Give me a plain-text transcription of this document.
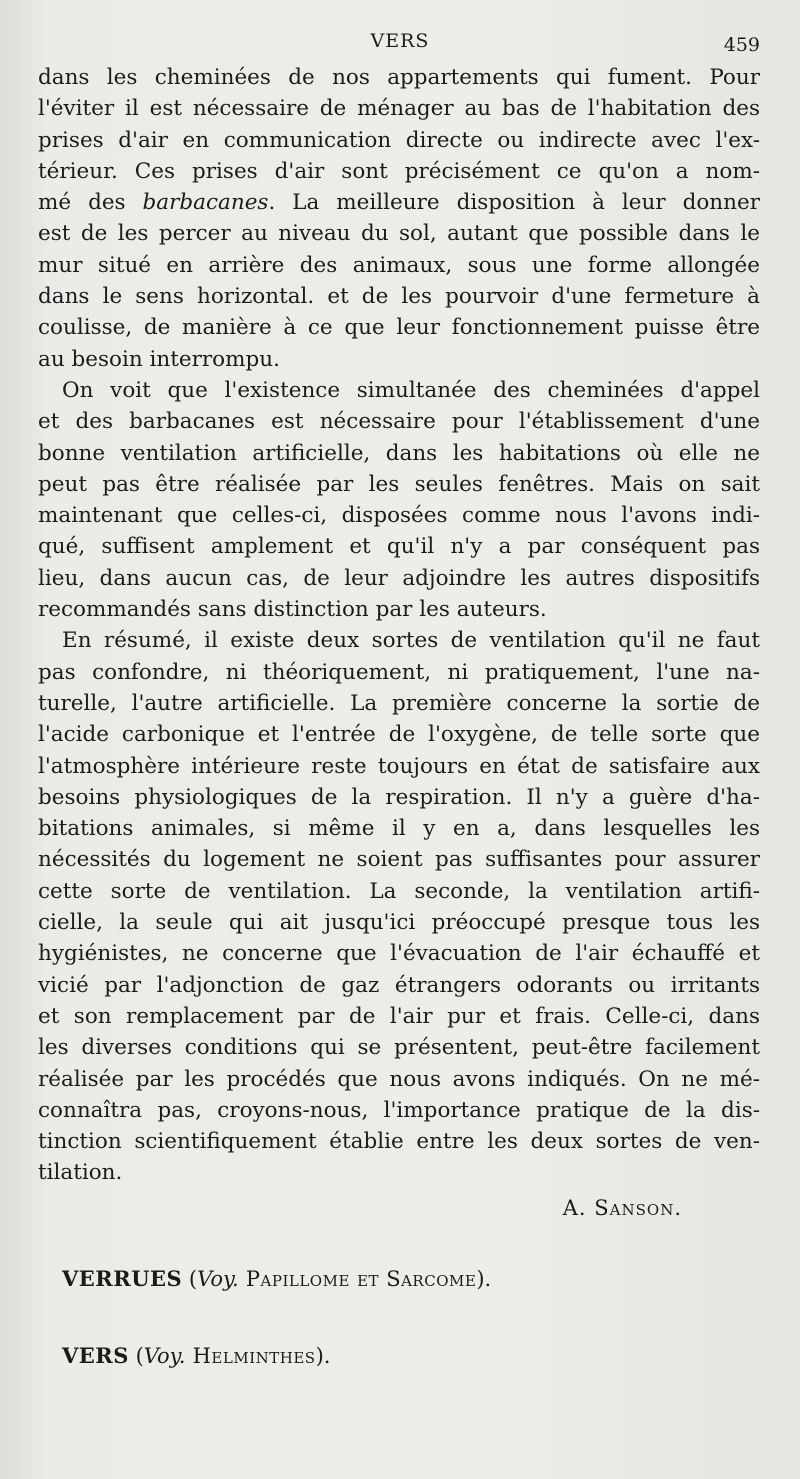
VERS	459
dans les cheminées de nos appartements qui fument. Pour
l'éviter il est nécessaire de ménager au bas de l'habitation des
prises d'air en communication directe ou indirecte avec l'ex-
térieur. Ces prises d'air sont précisément ce qu'on a nom-
mé des barbacanes. La meilleure disposition à leur donner
est de les percer au niveau du sol, autant que possible dans le
mur situé en arrière des animaux, sous une forme allongée
dans le sens horizontal. et de les pourvoir d'une fermeture à
coulisse, de manière à ce que leur fonctionnement puisse être
au besoin interrompu.
On voit que l'existence simultanée des cheminées d'appel
et des barbacanes est nécessaire pour l'établissement d'une
bonne ventilation artificielle, dans les habitations où elle ne
peut pas être réalisée par les seules fenêtres. Mais on sait
maintenant que celles-ci, disposées comme nous l'avons indi-
qué, suffisent amplement et qu'il n'y a par conséquent pas
lieu, dans aucun cas, de leur adjoindre les autres dispositifs
recommandés sans distinction par les auteurs.
En résumé, il existe deux sortes de ventilation qu'il ne faut
pas confondre, ni théoriquement, ni pratiquement, l'une na-
turelle, l'autre artificielle. La première concerne la sortie de
l'acide carbonique et l'entrée de l'oxygène, de telle sorte que
l'atmosphère intérieure reste toujours en état de satisfaire aux
besoins physiologiques de la respiration. Il n'y a guère d'ha-
bitations animales, si même il y en a, dans lesquelles les
nécessités du logement ne soient pas suffisantes pour assurer
cette sorte de ventilation. La seconde, la ventilation artifi-
cielle, la seule qui ait jusqu'ici préoccupé presque tous les
hygiénistes, ne concerne que l'évacuation de l'air échauffé et
vicié par l'adjonction de gaz étrangers odorants ou irritants
et son remplacement par de l'air pur et frais. Celle-ci, dans
les diverses conditions qui se présentent, peut-être facilement
réalisée par les procédés que nous avons indiqués. On ne mé-
connaîtra pas, croyons-nous, l'importance pratique de la dis-
tinction scientifiquement établie entre les deux sortes de ven-
tilation.
A. Sanson.
VERRUES (Voy. Papillome et Sarcome).
VERS (Voy. Helminthes).
